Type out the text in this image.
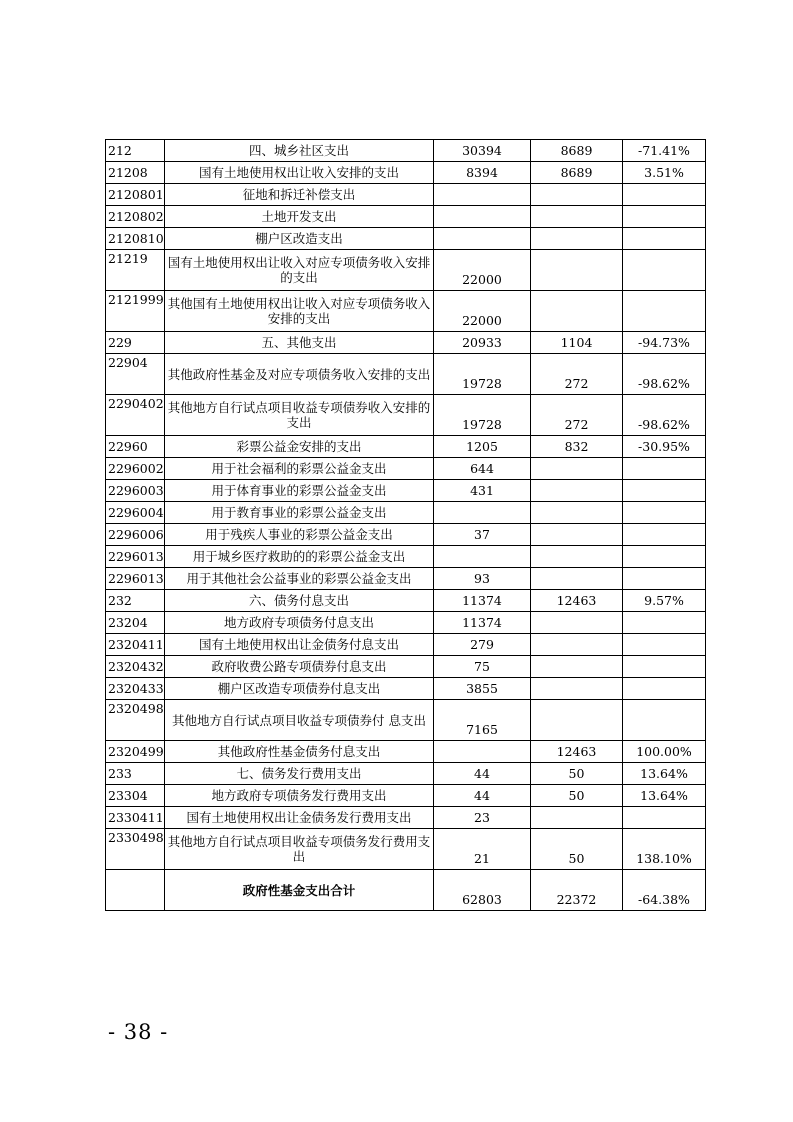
212	四、城乡社区支出	30394	8689	-71.41%
21208	国有土地使用权出让收入安排的支出	8394	8689	3.51%
2120801	征地和拆迁补偿支出			
2120802	土地开发支出			
2120810	棚户区改造支出			
21219	国有土地使用权出让收入对应专项债务收入安排的支出	22000		
2121999	其他国有土地使用权出让收入对应专项债务收入安排的支出	22000		
229	五、其他支出	20933	1104	-94.73%
22904	其他政府性基金及对应专项债务收入安排的支出	19728	272	-98.62%
2290402	其他地方自行试点项目收益专项债券收入安排的支出	19728	272	-98.62%
22960	彩票公益金安排的支出	1205	832	-30.95%
2296002	用于社会福利的彩票公益金支出	644		
2296003	用于体育事业的彩票公益金支出	431		
2296004	用于教育事业的彩票公益金支出			
2296006	用于残疾人事业的彩票公益金支出	37		
2296013	用于城乡医疗救助的的彩票公益金支出			
2296013	用于其他社会公益事业的彩票公益金支出	93		
232	六、债务付息支出	11374	12463	9.57%
23204	地方政府专项债务付息支出	11374		
2320411	国有土地使用权出让金债务付息支出	279		
2320432	政府收费公路专项债券付息支出	75		
2320433	棚户区改造专项债券付息支出	3855		
2320498	其他地方自行试点项目收益专项债券付 息支出	7165		
2320499	其他政府性基金债务付息支出		12463	100.00%
233	七、债务发行费用支出	44	50	13.64%
23304	地方政府专项债务发行费用支出	44	50	13.64%
2330411	国有土地使用权出让金债务发行费用支出	23		
2330498	其他地方自行试点项目收益专项债务发行费用支出	21	50	138.10%
	政府性基金支出合计	62803	22372	-64.38%
- 38 -
